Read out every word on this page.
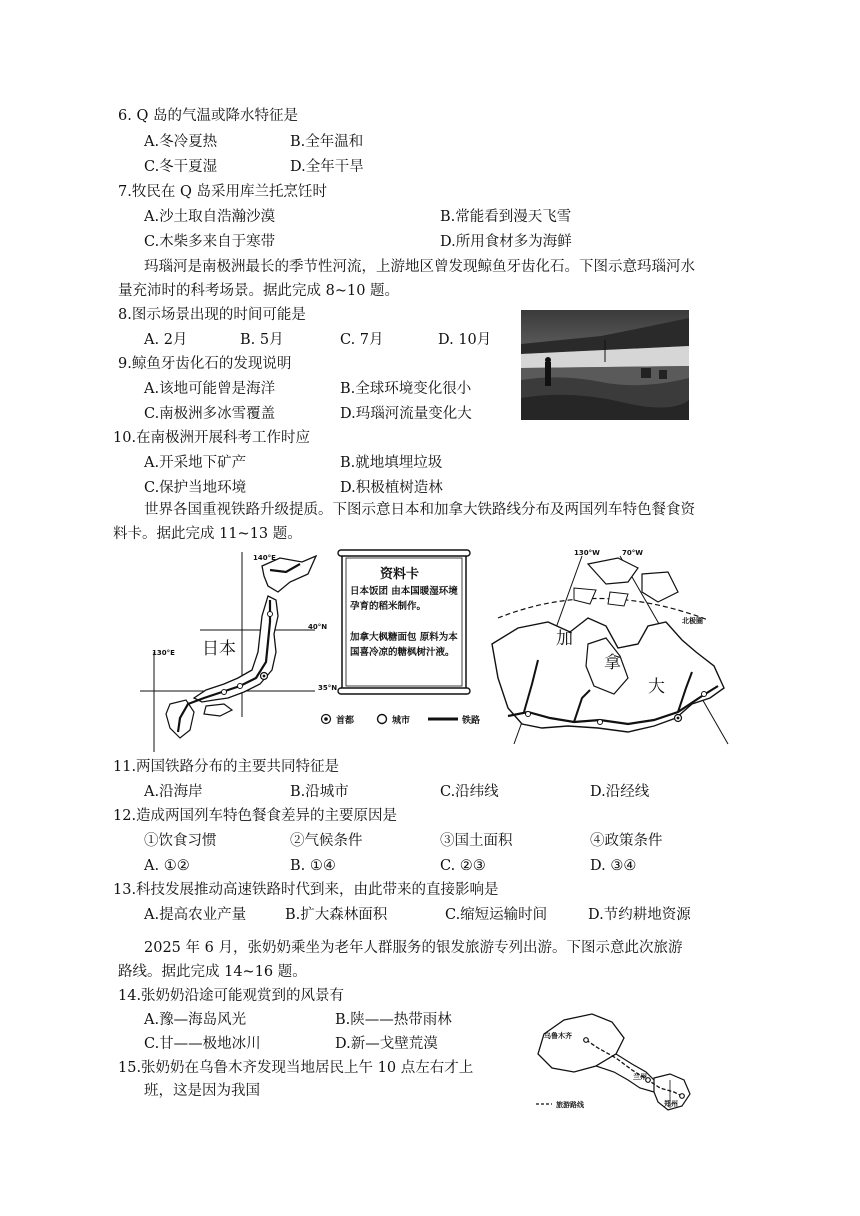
6. Q 岛的气温或降水特征是
A.冬冷夏热	B.全年温和
C.冬干夏湿	D.全年干旱
7.牧民在 Q 岛采用库兰托烹饪时
A.沙土取自浩瀚沙漠	B.常能看到漫天飞雪
C.木柴多来自于寒带	D.所用食材多为海鲜
玛瑙河是南极洲最长的季节性河流，上游地区曾发现鲸鱼牙齿化石。下图示意玛瑙河水
量充沛时的科考场景。据此完成 8~10 题。
8.图示场景出现的时间可能是
A. 2月	B. 5月	C. 7月	D. 10月
9.鲸鱼牙齿化石的发现说明
A.该地可能曾是海洋	B.全球环境变化很小
C.南极洲多冰雪覆盖	D.玛瑙河流量变化大
10.在南极洲开展科考工作时应
A.开采地下矿产	B.就地填埋垃圾
C.保护当地环境	D.积极植树造林
世界各国重视铁路升级提质。下图示意日本和加拿大铁路线分布及两国列车特色餐食资
料卡。据此完成 11~13 题。
140°E
130°E
40°N
35°N
日本
资料卡
日本饭团 由本国暖湿环境孕育的稻米制作。
加拿大枫糖面包 原料为本国喜冷凉的糖枫树汁液。
130°W	70°W
北极圈
加
拿
大
首都	城市	铁路
11.两国铁路分布的主要共同特征是
A.沿海岸	B.沿城市	C.沿纬线	D.沿经线
12.造成两国列车特色餐食差异的主要原因是
①饮食习惯	②气候条件	③国土面积	④政策条件
A. ①②	B. ①④	C. ②③	D. ③④
13.科技发展推动高速铁路时代到来，由此带来的直接影响是
A.提高农业产量	B.扩大森林面积	C.缩短运输时间	D.节约耕地资源
2025 年 6 月，张奶奶乘坐为老年人群服务的银发旅游专列出游。下图示意此次旅游
路线。据此完成 14~16 题。
14.张奶奶沿途可能观赏到的风景有
A.豫—海岛风光	B.陕——热带雨林
C.甘——极地冰川	D.新—戈壁荒漠
15.张奶奶在乌鲁木齐发现当地居民上午 10 点左右才上
班，这是因为我国
乌鲁木齐
兰州
郑州
旅游路线
